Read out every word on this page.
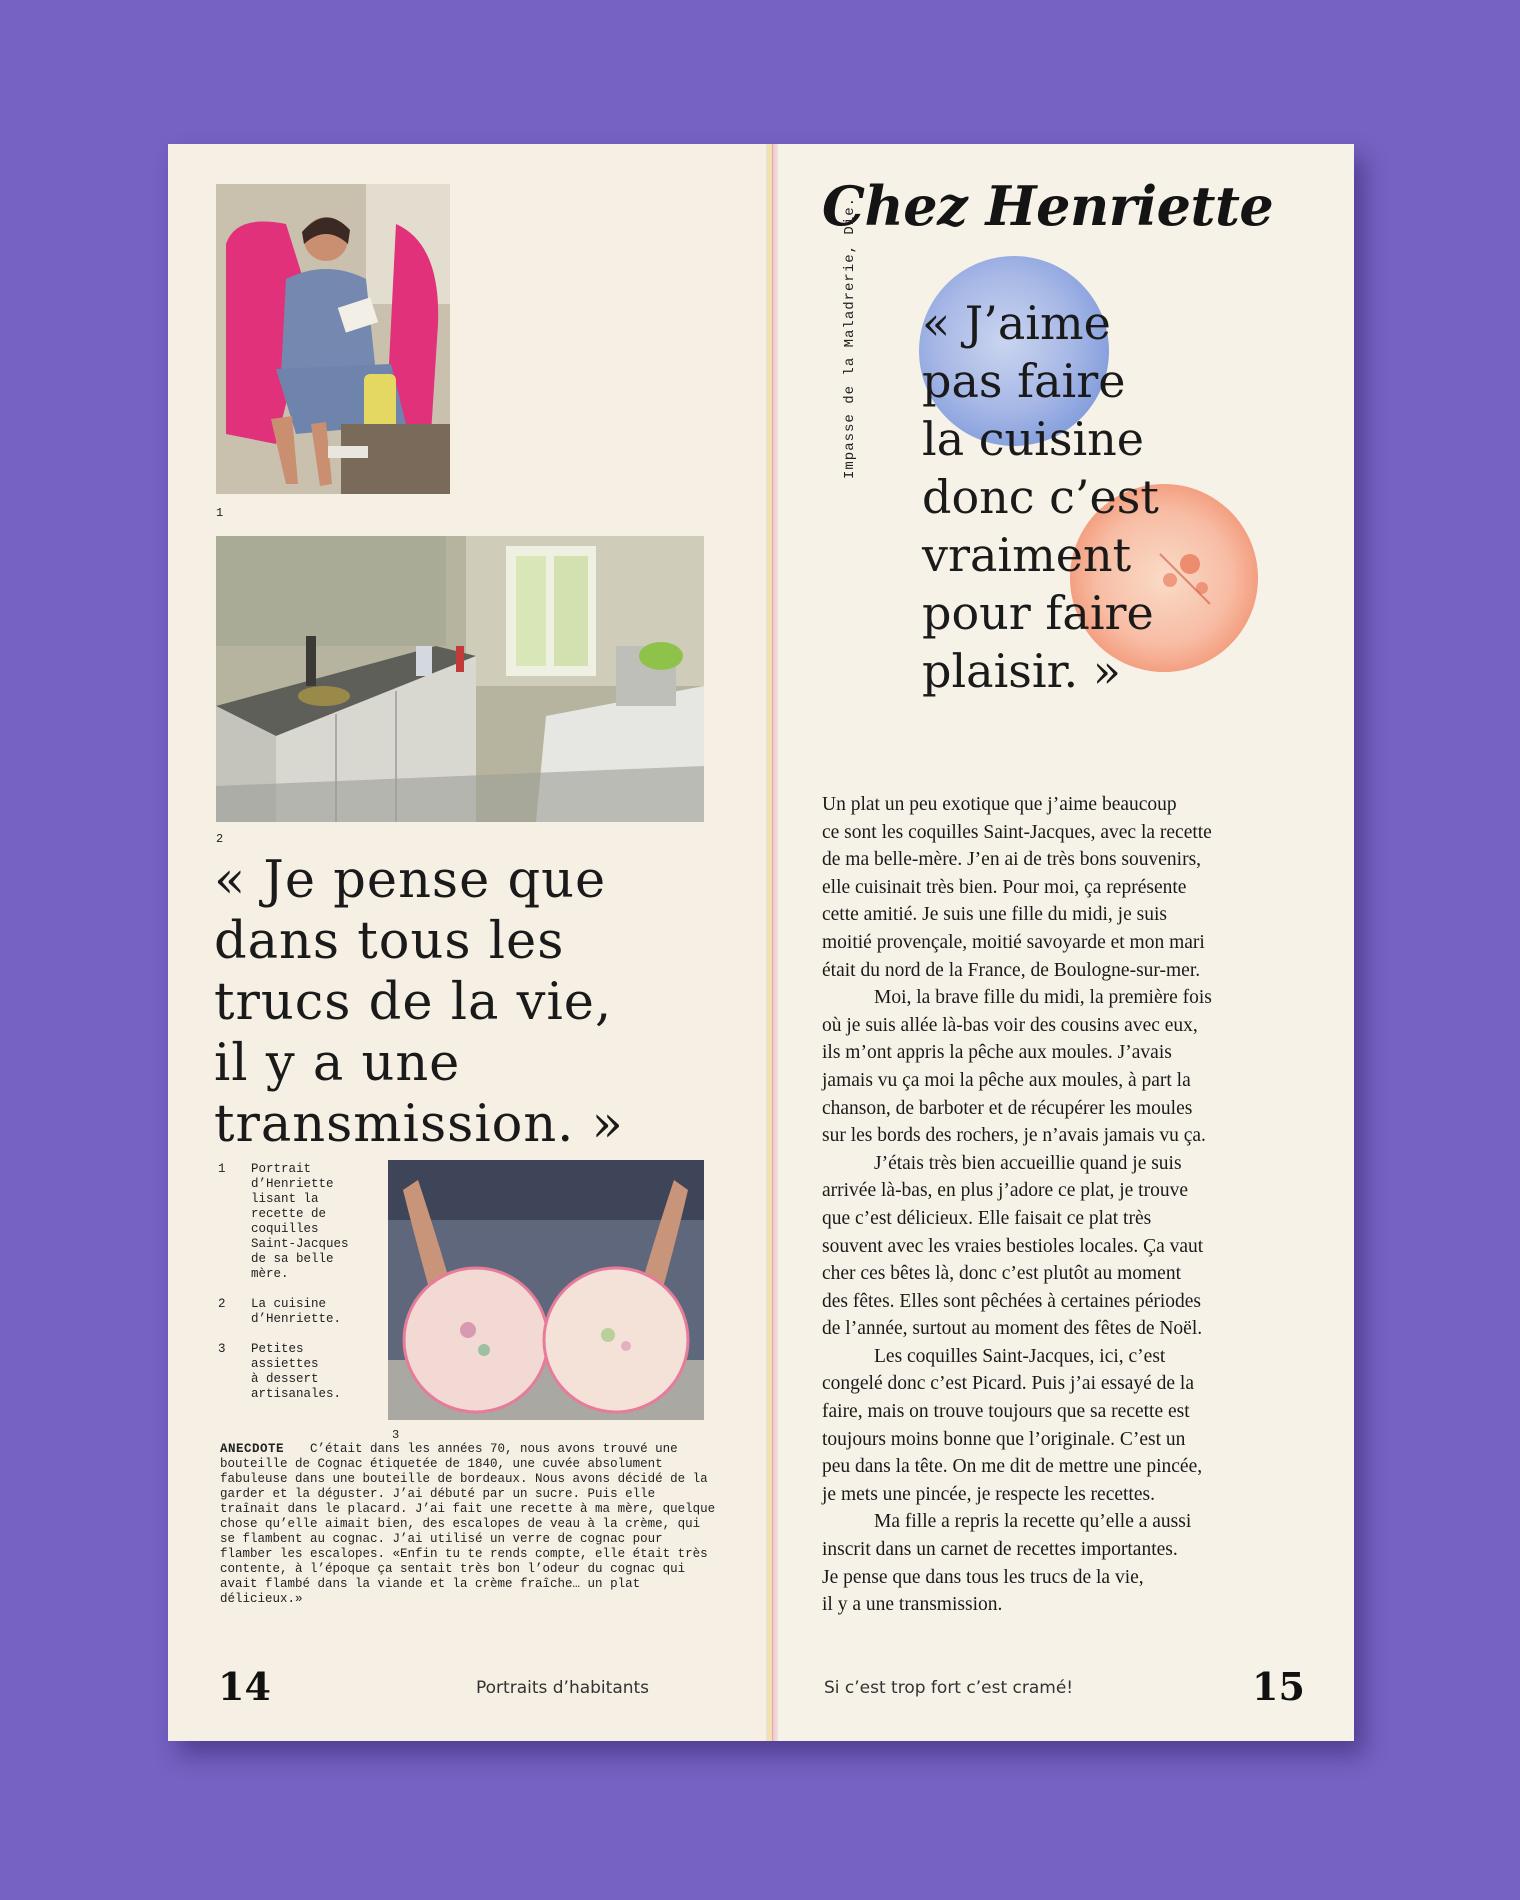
1
2

« Je pense que
dans tous les
trucs de la vie,
il y a une
transmission. »

1 Portrait
d’Henriette
lisant la
recette de
coquilles
Saint-Jacques
de sa belle
mère.
2 La cuisine
d’Henriette.
3 Petites
assiettes
à dessert
artisanales.
3

ANECDOTE C’était dans les années 70, nous avons trouvé une bouteille de Cognac étiquetée de 1840, une cuvée absolument fabuleuse dans une bouteille de bordeaux. Nous avons décidé de la garder et la déguster. J’ai débuté par un sucre. Puis elle traînait dans le placard. J’ai fait une recette à ma mère, quelque chose qu’elle aimait bien, des escalopes de veau à la crème, qui se flambent au cognac. J’ai utilisé un verre de cognac pour flamber les escalopes. «Enfin tu te rends compte, elle était très contente, à l’époque ça sentait très bon l’odeur du cognac qui avait flambé dans la viande et la crème fraîche… un plat délicieux.»

14	Portraits d’habitants
Chez Henriette
Impasse de la Maladrerie, Die. « J’aime
pas faire
la cuisine
donc c’est
vraiment
pour faire
plaisir. »

Un plat un peu exotique que j’aime beaucoup
ce sont les coquilles Saint-Jacques, avec la recette
de ma belle-mère. J’en ai de très bons souvenirs,
elle cuisinait très bien. Pour moi, ça représente
cette amitié. Je suis une fille du midi, je suis
moitié provençale, moitié savoyarde et mon mari
était du nord de la France, de Boulogne-sur-mer.

Moi, la brave fille du midi, la première fois
où je suis allée là-bas voir des cousins avec eux,
ils m’ont appris la pêche aux moules. J’avais
jamais vu ça moi la pêche aux moules, à part la
chanson, de barboter et de récupérer les moules
sur les bords des rochers, je n’avais jamais vu ça.

J’étais très bien accueillie quand je suis
arrivée là-bas, en plus j’adore ce plat, je trouve
que c’est délicieux. Elle faisait ce plat très
souvent avec les vraies bestioles locales. Ça vaut
cher ces bêtes là, donc c’est plutôt au moment
des fêtes. Elles sont pêchées à certaines périodes
de l’année, surtout au moment des fêtes de Noël.

Les coquilles Saint-Jacques, ici, c’est
congelé donc c’est Picard. Puis j’ai essayé de la
faire, mais on trouve toujours que sa recette est
toujours moins bonne que l’originale. C’est un
peu dans la tête. On me dit de mettre une pincée,
je mets une pincée, je respecte les recettes.

Ma fille a repris la recette qu’elle a aussi
inscrit dans un carnet de recettes importantes.
Je pense que dans tous les trucs de la vie,
il y a une transmission.

Si c’est trop fort c’est cramé!	15
